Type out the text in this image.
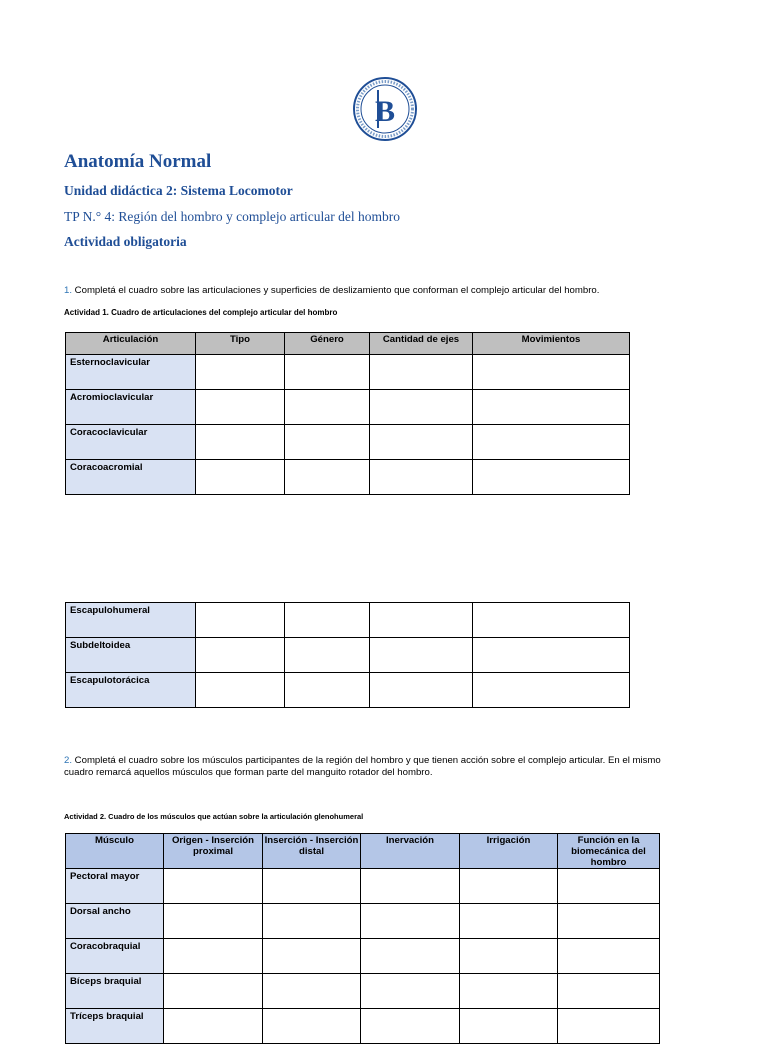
B
Anatomía Normal
Unidad didáctica 2: Sistema Locomotor
TP N.° 4: Región del hombro y complejo articular del hombro
Actividad obligatoria
1. Completá el cuadro sobre las articulaciones y superficies de deslizamiento que conforman el complejo articular del hombro.
Actividad 1. Cuadro de articulaciones del complejo articular del hombro
Articulación	Tipo	Género	Cantidad de ejes	Movimientos
Esternoclavicular				
Acromioclavicular				
Coracoclavicular				
Coracoacromial				
Escapulohumeral				
Subdeltoidea				
Escapulotorácica				
2. Completá el cuadro sobre los músculos participantes de la región del hombro y que tienen acción sobre el complejo articular. En el mismo
cuadro remarcá aquellos músculos que forman parte del manguito rotador del hombro.
Actividad 2. Cuadro de los músculos que actúan sobre la articulación glenohumeral
Músculo	Origen - Inserción proximal	Inserción - Inserción distal	Inervación	Irrigación	Función en la biomecánica del hombro
Pectoral mayor					
Dorsal ancho					
Coracobraquial					
Bíceps braquial					
Tríceps braquial					
